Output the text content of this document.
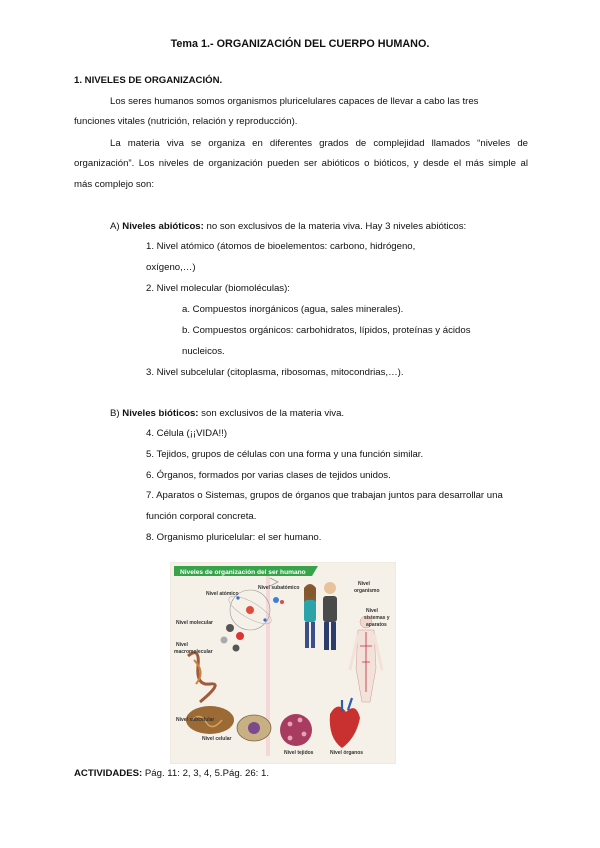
Tema 1.- ORGANIZACIÓN DEL CUERPO HUMANO.
1. NIVELES DE ORGANIZACIÓN.
Los seres humanos somos organismos pluricelulares capaces de llevar a cabo las tres
funciones vitales (nutrición, relación y reproducción).
La materia viva se organiza en diferentes grados de complejidad llamados “niveles de
organización”. Los niveles de organización pueden ser abióticos o bióticos, y desde el más simple al
más complejo son:
A) Niveles abióticos: no son exclusivos de la materia viva. Hay 3 niveles abióticos:
1. Nivel atómico (átomos de bioelementos: carbono, hidrógeno,
oxígeno,…)
2. Nivel molecular (biomoléculas):
a. Compuestos inorgánicos (agua, sales minerales).
b. Compuestos orgánicos: carbohidratos, lípidos, proteínas y ácidos
nucleicos.
3. Nivel subcelular (citoplasma, ribosomas, mitocondrias,…).
B) Niveles bióticos: son exclusivos de la materia viva.
4. Célula (¡¡VIDA!!)
5. Tejidos, grupos de células con una forma y una función similar.
6. Órganos, formados por varias clases de tejidos unidos.
7. Aparatos o Sistemas, grupos de órganos que trabajan juntos para desarrollar una
función corporal concreta.
8. Organismo pluricelular: el ser humano.
Niveles de organización del ser humano
Nivel atómico
Nivel subatómico
Nivel
organismo
Nivel
sistemas y
aparatos
Nivel molecular
Nivel
macromolecular
Nivel subcelular
Nivel celular
Nivel tejidos	Nivel órganos
ACTIVIDADES: Pág. 11: 2, 3, 4, 5.Pág. 26: 1.
